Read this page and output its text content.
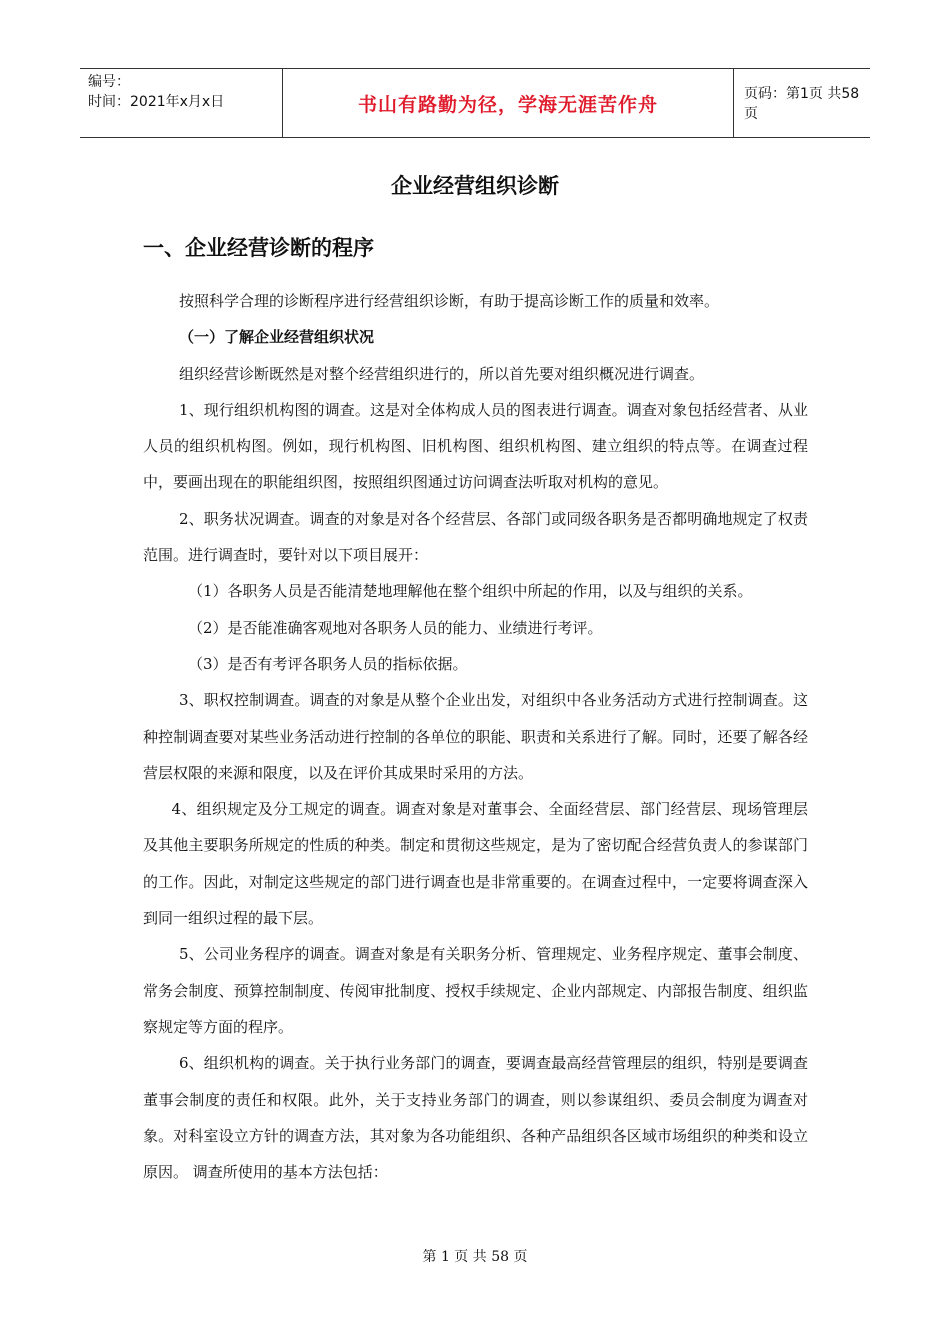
编号：
时间：2021年x月x日	书山有路勤为径，学海无涯苦作舟	页码：第1页 共58页
企业经营组织诊断
一、企业经营诊断的程序

按照科学合理的诊断程序进行经营组织诊断，有助于提高诊断工作的质量和效率。

（一）了解企业经营组织状况

组织经营诊断既然是对整个经营组织进行的，所以首先要对组织概况进行调查。

1、现行组织机构图的调查。这是对全体构成人员的图表进行调查。调查对象包括经营者、从业人员的组织机构图。例如，现行机构图、旧机构图、组织机构图、建立组织的特点等。在调查过程中，要画出现在的职能组织图，按照组织图通过访问调查法听取对机构的意见。

2、职务状况调查。调查的对象是对各个经营层、各部门或同级各职务是否都明确地规定了权责范围。进行调查时，要针对以下项目展开：

（1）各职务人员是否能清楚地理解他在整个组织中所起的作用，以及与组织的关系。

（2）是否能准确客观地对各职务人员的能力、业绩进行考评。

（3）是否有考评各职务人员的指标依据。

3、职权控制调查。调查的对象是从整个企业出发，对组织中各业务活动方式进行控制调查。这种控制调查要对某些业务活动进行控制的各单位的职能、职责和关系进行了解。同时，还要了解各经营层权限的来源和限度，以及在评价其成果时采用的方法。

4、组织规定及分工规定的调查。调查对象是对董事会、全面经营层、部门经营层、现场管理层及其他主要职务所规定的性质的种类。制定和贯彻这些规定，是为了密切配合经营负责人的参谋部门的工作。因此，对制定这些规定的部门进行调查也是非常重要的。在调查过程中，一定要将调查深入到同一组织过程的最下层。

5、公司业务程序的调查。调查对象是有关职务分析、管理规定、业务程序规定、董事会制度、常务会制度、预算控制制度、传阅审批制度、授权手续规定、企业内部规定、内部报告制度、组织监察规定等方面的程序。

6、组织机构的调查。关于执行业务部门的调查，要调查最高经营管理层的组织，特别是要调查董事会制度的责任和权限。此外，关于支持业务部门的调查，则以参谋组织、委员会制度为调查对象。对科室设立方针的调查方法，其对象为各功能组织、各种产品组织各区域市场组织的种类和设立原因。 调查所使用的基本方法包括：

第 1 页 共 58 页
